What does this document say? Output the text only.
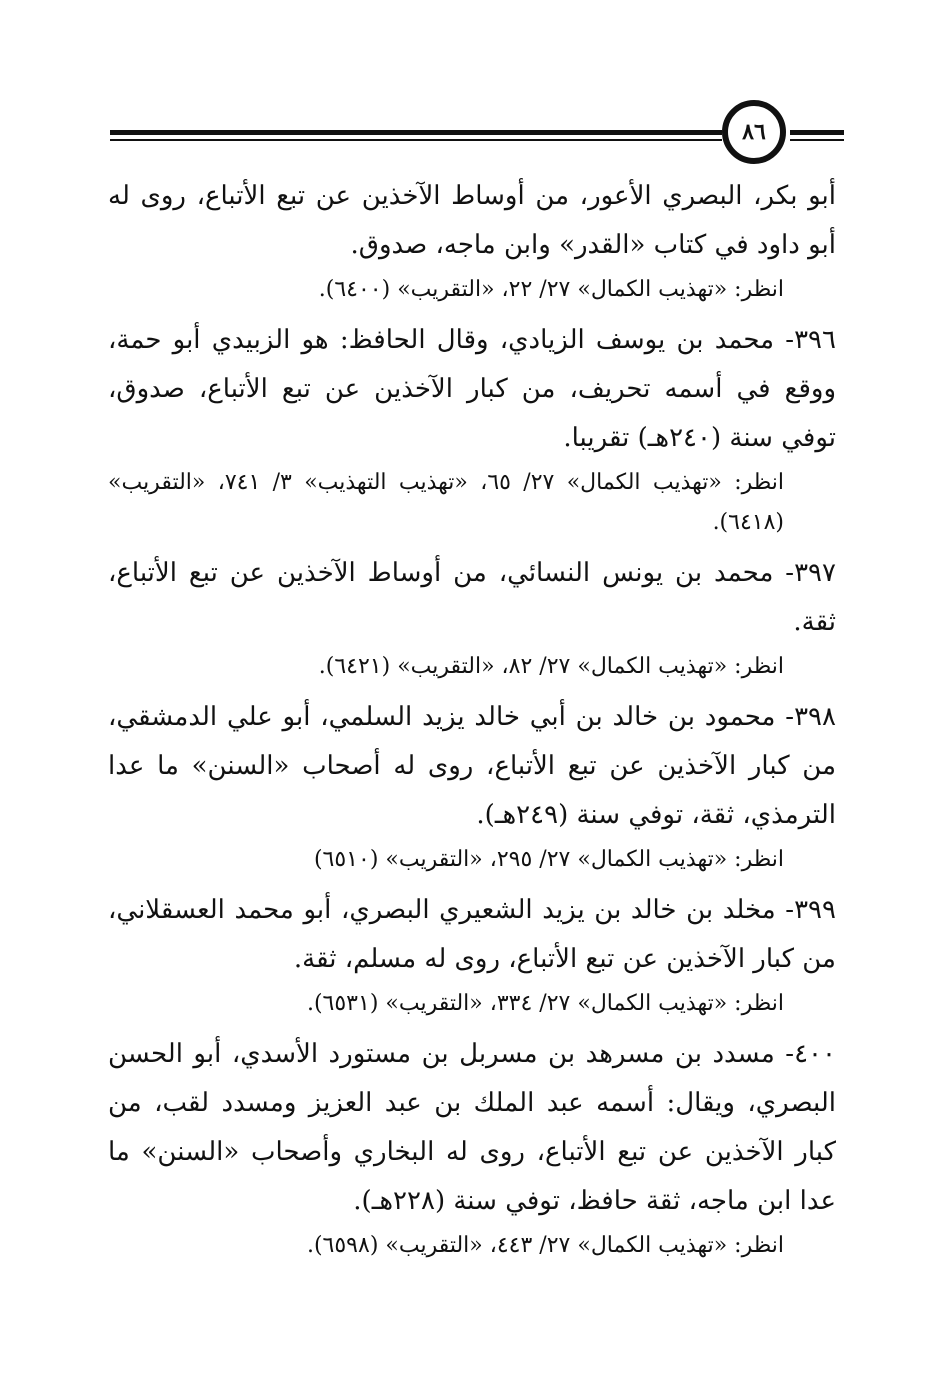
٨٦

أبو بكر، البصري الأعور، من أوساط الآخذين عن تبع الأتباع، روى له أبو داود في كتاب «القدر» وابن ماجه، صدوق.

انظر: «تهذيب الكمال» ٢٧/ ٢٢، «التقريب» (٦٤٠٠).

٣٩٦- محمد بن يوسف الزيادي، وقال الحافظ: هو الزبيدي أبو حمة، ووقع في أسمه تحريف، من كبار الآخذين عن تبع الأتباع، صدوق، توفي سنة (٢٤٠هـ) تقريبا.

انظر: «تهذيب الكمال» ٢٧/ ٦٥، «تهذيب التهذيب» ٣/ ٧٤١، «التقريب» (٦٤١٨).

٣٩٧- محمد بن يونس النسائي، من أوساط الآخذين عن تبع الأتباع، ثقة.

انظر: «تهذيب الكمال» ٢٧/ ٨٢، «التقريب» (٦٤٢١).

٣٩٨- محمود بن خالد بن أبي خالد يزيد السلمي، أبو علي الدمشقي، من كبار الآخذين عن تبع الأتباع، روى له أصحاب «السنن» ما عدا الترمذي، ثقة، توفي سنة (٢٤٩هـ).

انظر: «تهذيب الكمال» ٢٧/ ٢٩٥، «التقريب» (٦٥١٠)

٣٩٩- مخلد بن خالد بن يزيد الشعيري البصري، أبو محمد العسقلاني، من كبار الآخذين عن تبع الأتباع، روى له مسلم، ثقة.

انظر: «تهذيب الكمال» ٢٧/ ٣٣٤، «التقريب» (٦٥٣١).

٤٠٠- مسدد بن مسرهد بن مسربل بن مستورد الأسدي، أبو الحسن البصري، ويقال: أسمه عبد الملك بن عبد العزيز ومسدد لقب، من كبار الآخذين عن تبع الأتباع، روى له البخاري وأصحاب «السنن» ما عدا ابن ماجه، ثقة حافظ، توفي سنة (٢٢٨هـ).

انظر: «تهذيب الكمال» ٢٧/ ٤٤٣، «التقريب» (٦٥٩٨).
